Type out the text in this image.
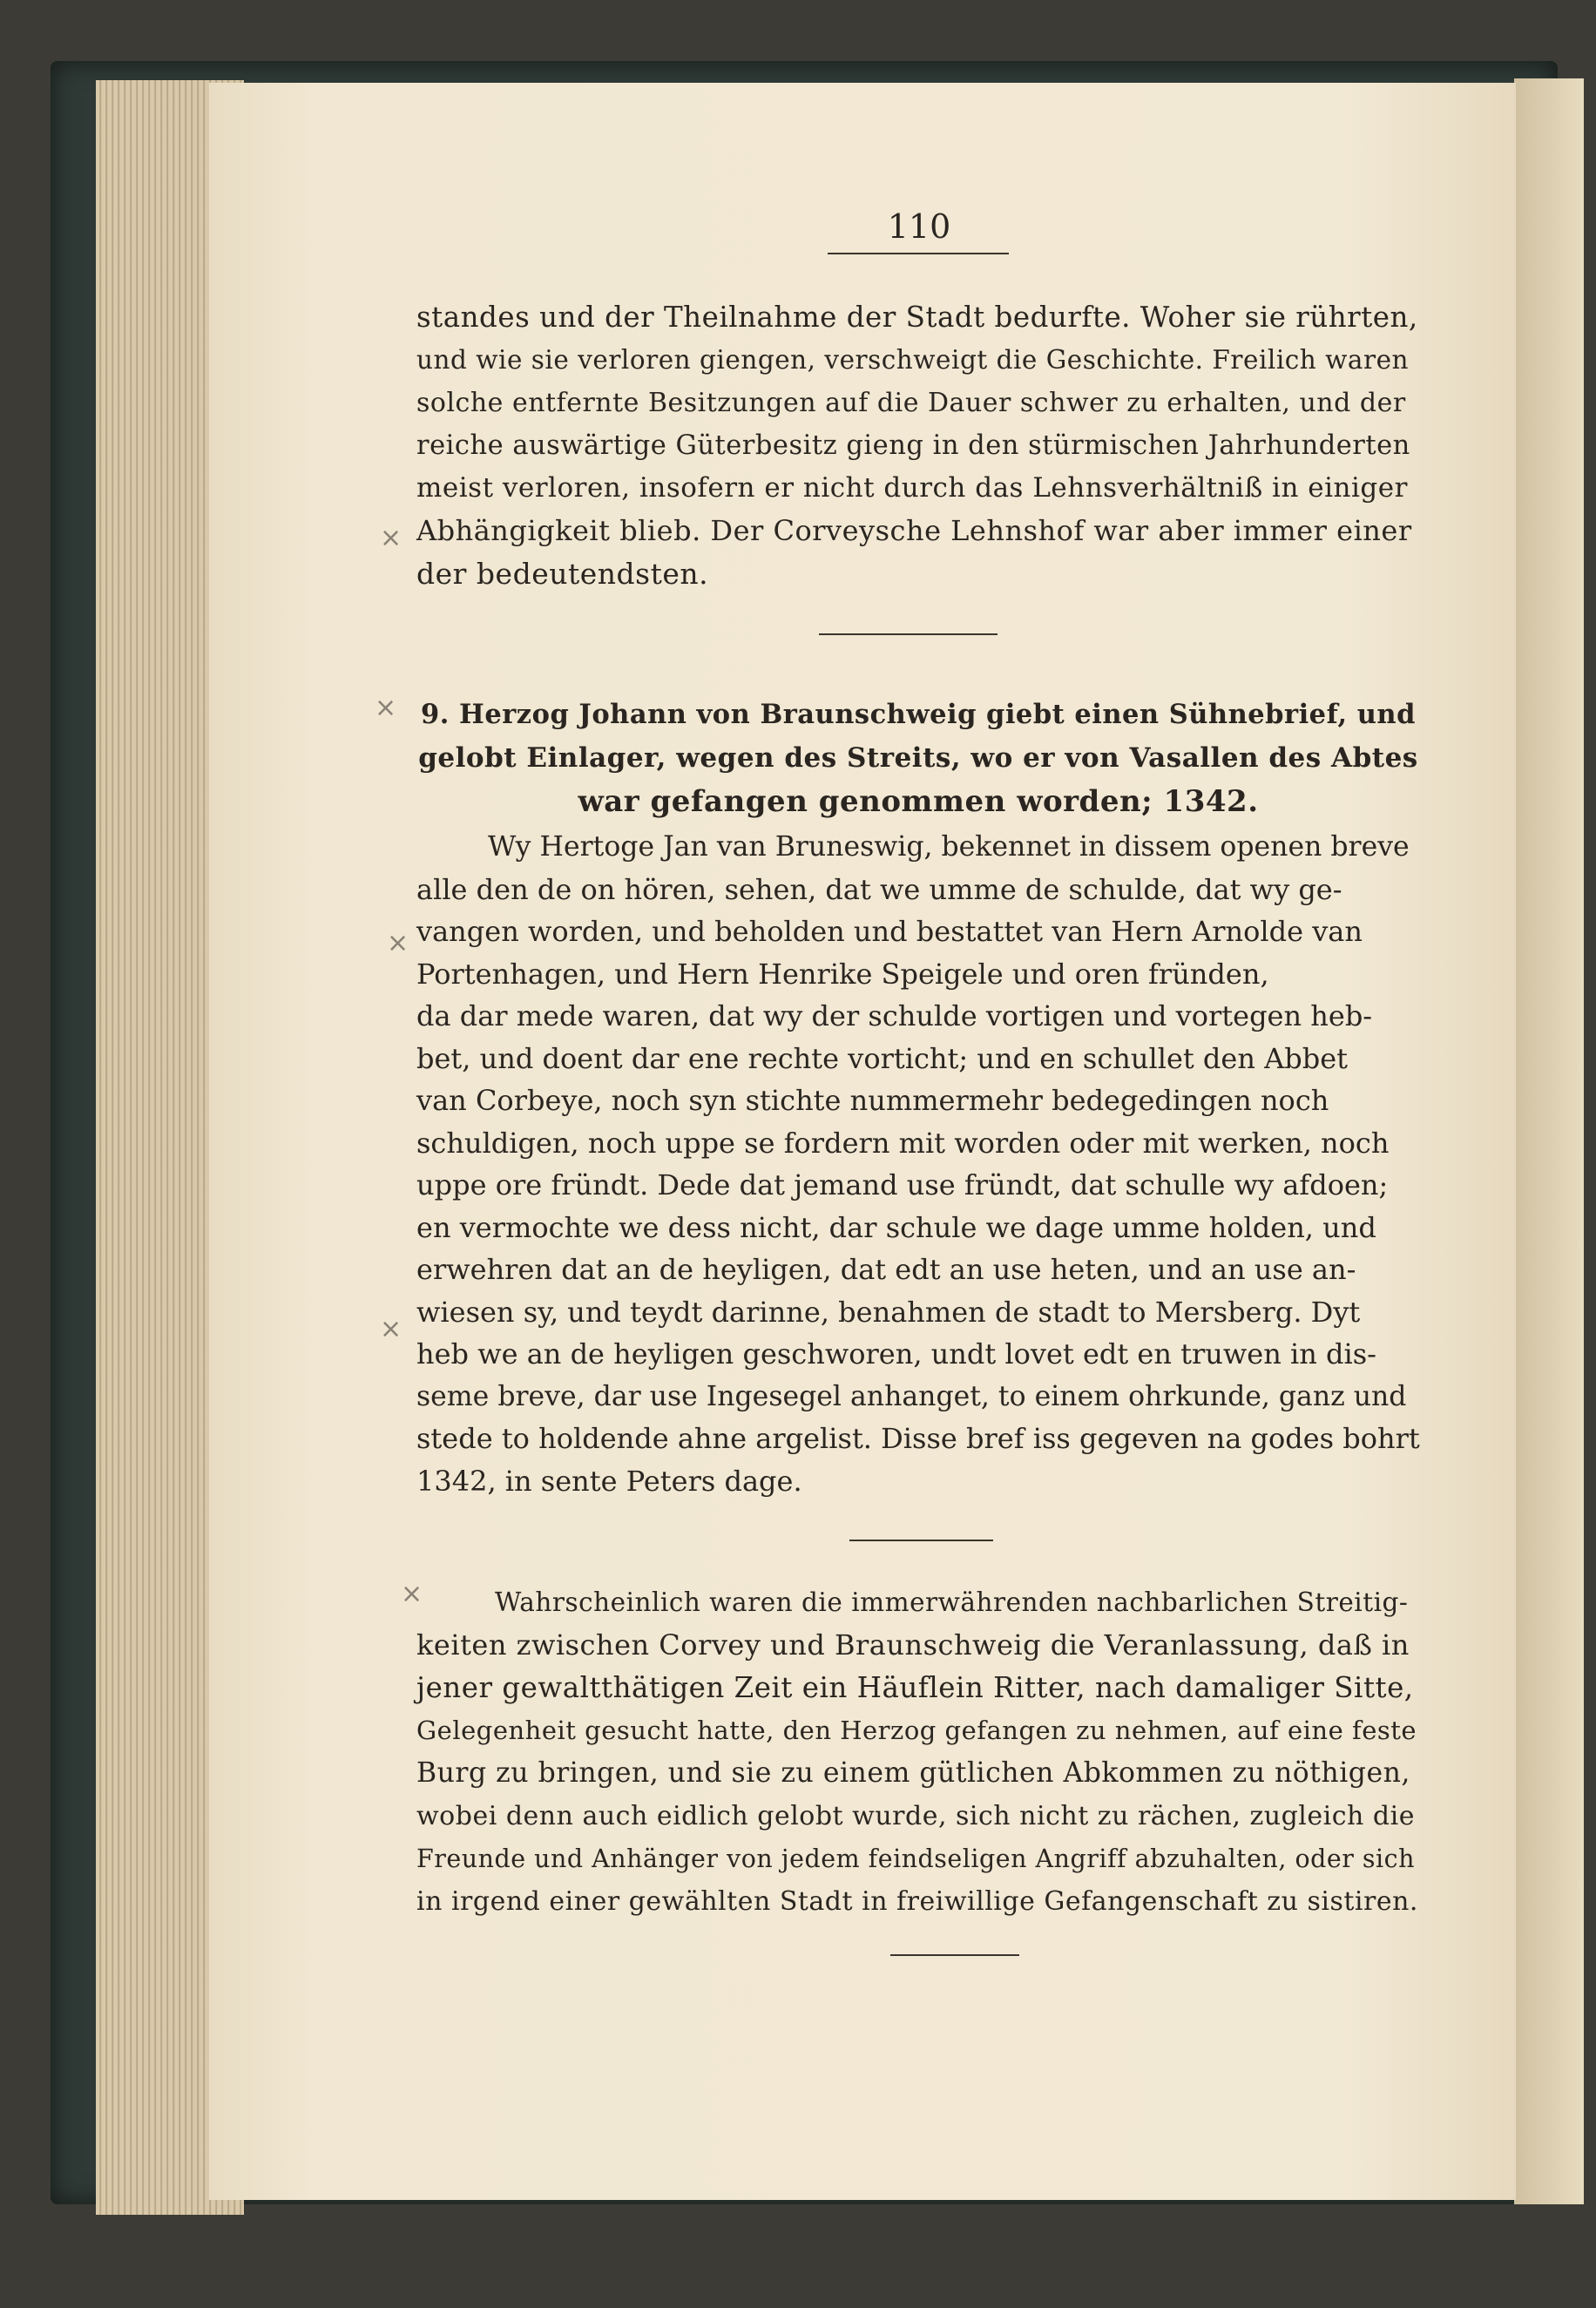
110
standes und der Theilnahme der Stadt bedurfte. Woher sie rührten,
und wie sie verloren giengen, verschweigt die Geschichte. Freilich waren
solche entfernte Besitzungen auf die Dauer schwer zu erhalten, und der
reiche auswärtige Güterbesitz gieng in den stürmischen Jahrhunderten
meist verloren, insofern er nicht durch das Lehnsverhältniß in einiger
Abhängigkeit blieb. Der Corveysche Lehnshof war aber immer einer
der bedeutendsten.
×
9. Herzog Johann von Braunschweig giebt einen Sühnebrief, und
gelobt Einlager, wegen des Streits, wo er von Vasallen des Abtes
war gefangen genommen worden; 1342.
×
Wy Hertoge Jan van Bruneswig, bekennet in dissem openen breve
alle den de on hören, sehen, dat we umme de schulde, dat wy ge-
vangen worden, und beholden und bestattet van Hern Arnolde van
Portenhagen, und Hern Henrike Speigele und oren fründen,
da dar mede waren, dat wy der schulde vortigen und vortegen heb-
bet, und doent dar ene rechte vorticht; und en schullet den Abbet
van Corbeye, noch syn stichte nummermehr bedegedingen noch
schuldigen, noch uppe se fordern mit worden oder mit werken, noch
uppe ore fründt. Dede dat jemand use fründt, dat schulle wy afdoen;
en vermochte we dess nicht, dar schule we dage umme holden, und
erwehren dat an de heyligen, dat edt an use heten, und an use an-
wiesen sy, und teydt darinne, benahmen de stadt to Mersberg. Dyt
heb we an de heyligen geschworen, undt lovet edt en truwen in dis-
seme breve, dar use Ingesegel anhanget, to einem ohrkunde, ganz und
stede to holdende ahne argelist. Disse bref iss gegeven na godes bohrt
1342, in sente Peters dage.
×
×
Wahrscheinlich waren die immerwährenden nachbarlichen Streitig-
keiten zwischen Corvey und Braunschweig die Veranlassung, daß in
jener gewaltthätigen Zeit ein Häuflein Ritter, nach damaliger Sitte,
Gelegenheit gesucht hatte, den Herzog gefangen zu nehmen, auf eine feste
Burg zu bringen, und sie zu einem gütlichen Abkommen zu nöthigen,
wobei denn auch eidlich gelobt wurde, sich nicht zu rächen, zugleich die
Freunde und Anhänger von jedem feindseligen Angriff abzuhalten, oder sich
in irgend einer gewählten Stadt in freiwillige Gefangenschaft zu sistiren.
×
